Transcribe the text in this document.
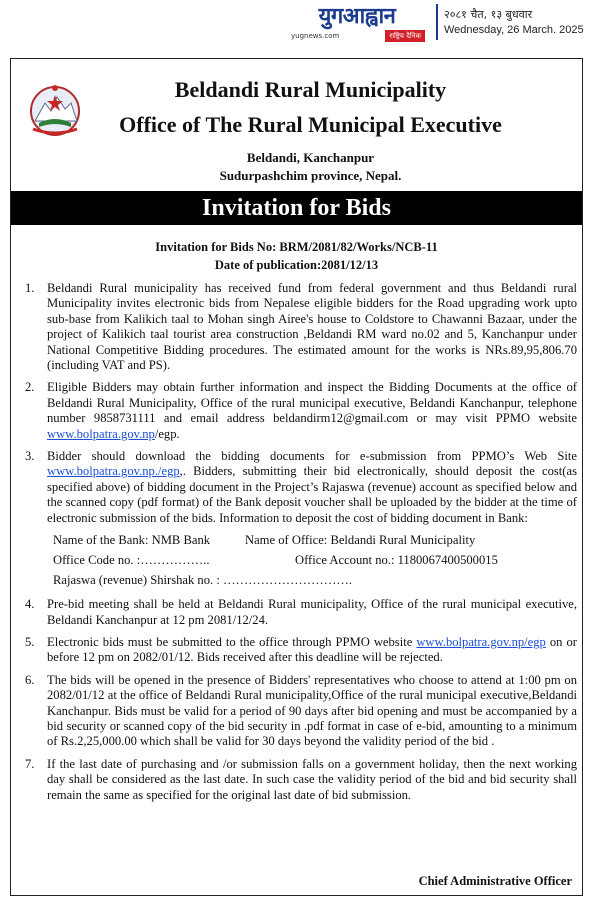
युगआह्वान
yugnews.com	राष्ट्रिय दैनिक
२०८१ चैत, १३ बुधवार
Wednesday, 26 March. 2025
Beldandi Rural Municipality
Office of The Rural Municipal Executive
Beldandi, Kanchanpur
Sudurpashchim province, Nepal.
Invitation for Bids
Invitation for Bids No: BRM/2081/82/Works/NCB-11
Date of publication:2081/12/13
1. Beldandi Rural municipality has received fund from federal government and thus Beldandi rural Municipality invites electronic bids from Nepalese eligible bidders for the Road upgrading work upto sub-base from Kalikich taal to Mohan singh Airee's house to Coldstore to Chawanni Bazaar, under the project of Kalikich taal tourist area construction ,Beldandi RM ward no.02 and 5, Kanchanpur under National Competitive Bidding procedures. The estimated amount for the works is NRs.89,95,806.70 (including VAT and PS).
2. Eligible Bidders may obtain further information and inspect the Bidding Documents at the office of Beldandi Rural Municipality, Office of the rural municipal executive, Beldandi Kanchanpur, telephone number 9858731111 and email address beldandirm12@gmail.com or may visit PPMO website www.bolpatra.gov.np/egp.
3. Bidder should download the bidding documents for e-submission from PPMO’s Web Site www.bolpatra.gov.np./egp,. Bidders, submitting their bid electronically, should deposit the cost(as specified above) of bidding document in the Project’s Rajaswa (revenue) account as specified below and the scanned copy (pdf format) of the Bank deposit voucher shall be uploaded by the bidder at the time of electronic submission of the bids. Information to deposit the cost of bidding document in Bank:
Name of the Bank: NMB Bank	Name of Office: Beldandi Rural Municipality
Office Code no. :……………..	Office Account no.: 1180067400500015
Rajaswa (revenue) Shirshak no. : ………………………….
4. Pre-bid meeting shall be held at Beldandi Rural municipality, Office of the rural municipal executive, Beldandi Kanchanpur at 12 pm 2081/12/24.
5. Electronic bids must be submitted to the office through PPMO website www.bolpatra.gov.np/egp on or before 12 pm on 2082/01/12. Bids received after this deadline will be rejected.
6. The bids will be opened in the presence of Bidders' representatives who choose to attend at 1:00 pm on 2082/01/12 at the office of Beldandi Rural municipality,Office of the rural municipal executive,Beldandi Kanchanpur. Bids must be valid for a period of 90 days after bid opening and must be accompanied by a bid security or scanned copy of the bid security in .pdf format in case of e-bid, amounting to a minimum of Rs.2,25,000.00 which shall be valid for 30 days beyond the validity period of the bid .
7. If the last date of purchasing and /or submission falls on a government holiday, then the next working day shall be considered as the last date. In such case the validity period of the bid and bid security shall remain the same as specified for the original last date of bid submission.
Chief Administrative Officer
